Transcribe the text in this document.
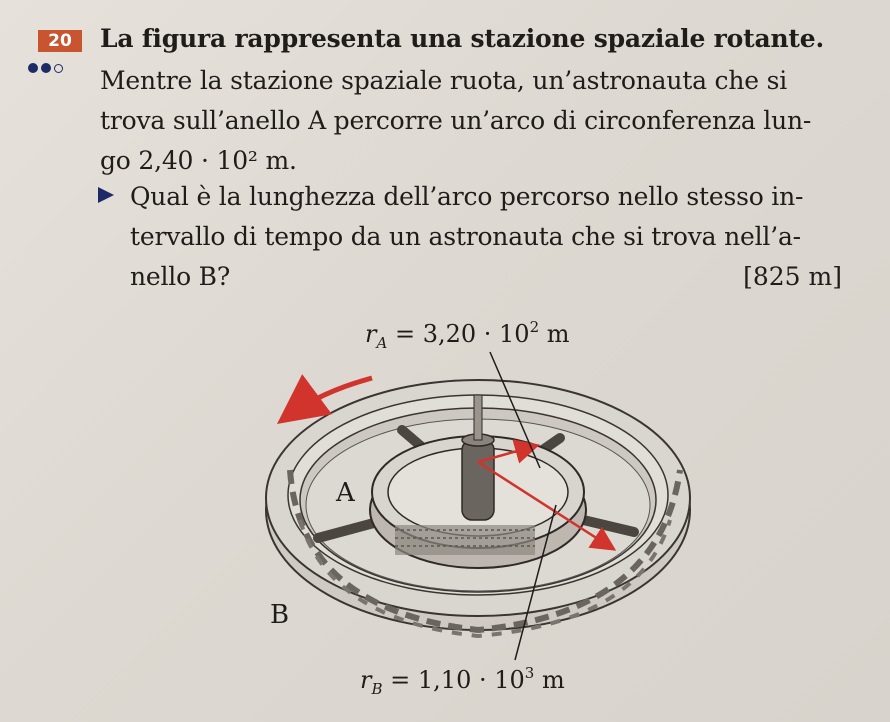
20	La figura rappresenta una stazione spaziale rotante.
Mentre la stazione spaziale ruota, un’astronauta che si
trova sull’anello A percorre un’arco di circonferenza lun-
go 2,40 · 10² m.
Qual è la lunghezza dell’arco percorso nello stesso in-
tervallo di tempo da un astronauta che si trova nell’a-
nello B?	[825 m]
$r_A = 3,20 \cdot 10^2$ m
A
B
$r_B = 1,10 \cdot 10^3$ m
